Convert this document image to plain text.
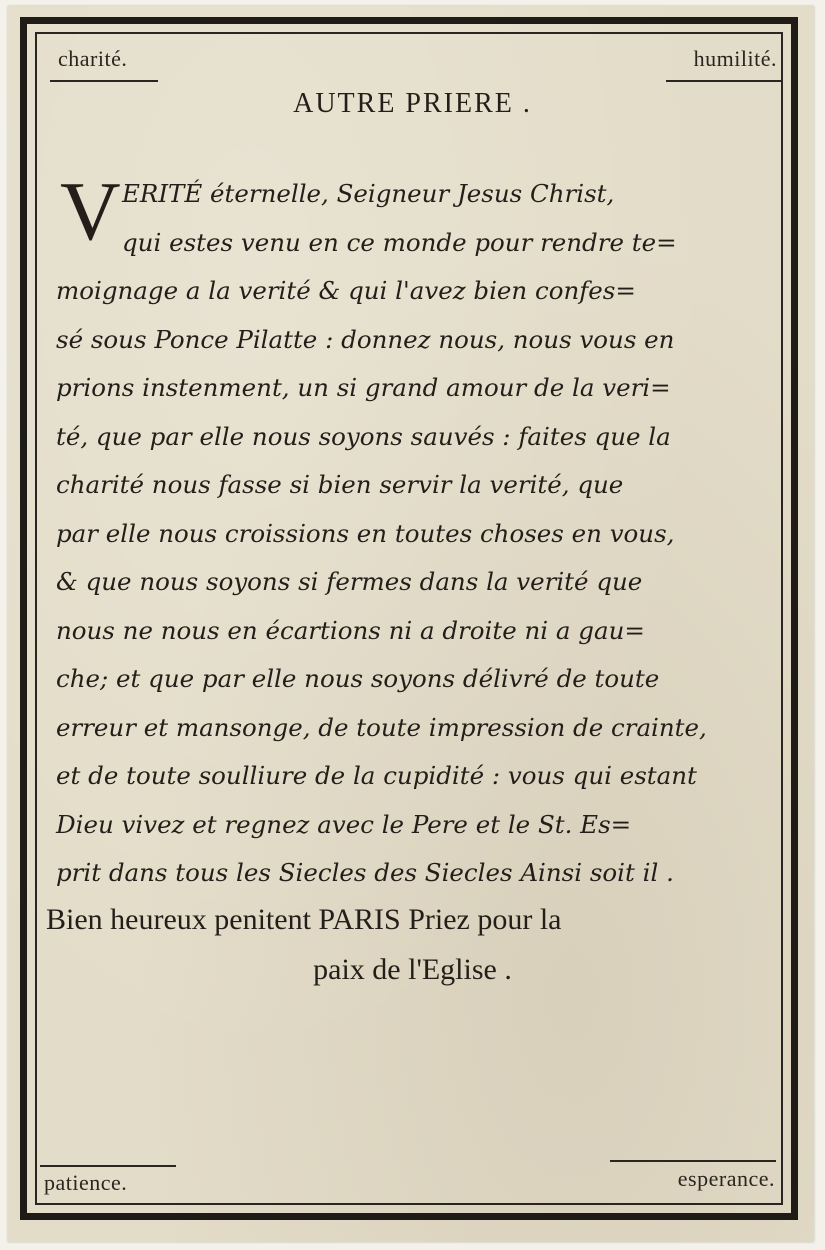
charité.	humilité.
patience.	esperance.
AUTRE PRIERE .
V ERITÉ éternelle, Seigneur Jesus Christ,
qui estes venu en ce monde pour rendre te=
moignage a la verité & qui l'avez bien confes=
sé sous Ponce Pilatte : donnez nous, nous vous en
prions instenment, un si grand amour de la veri=
té, que par elle nous soyons sauvés : faites que la
charité nous fasse si bien servir la verité, que
par elle nous croissions en toutes choses en vous,
& que nous soyons si fermes dans la verité que
nous ne nous en écartions ni a droite ni a gau=
che; et que par elle nous soyons délivré de toute
erreur et mansonge, de toute impression de craintе,
et de toute soulliure de la cupidité : vous qui estant
Dieu vivez et regnez avec le Pere et le St. Es=
prit dans tous les Siecles des Siecles Ainsi soit il .
Bien heureux penitent PARIS Priez pour la
paix de l'Eglise .
